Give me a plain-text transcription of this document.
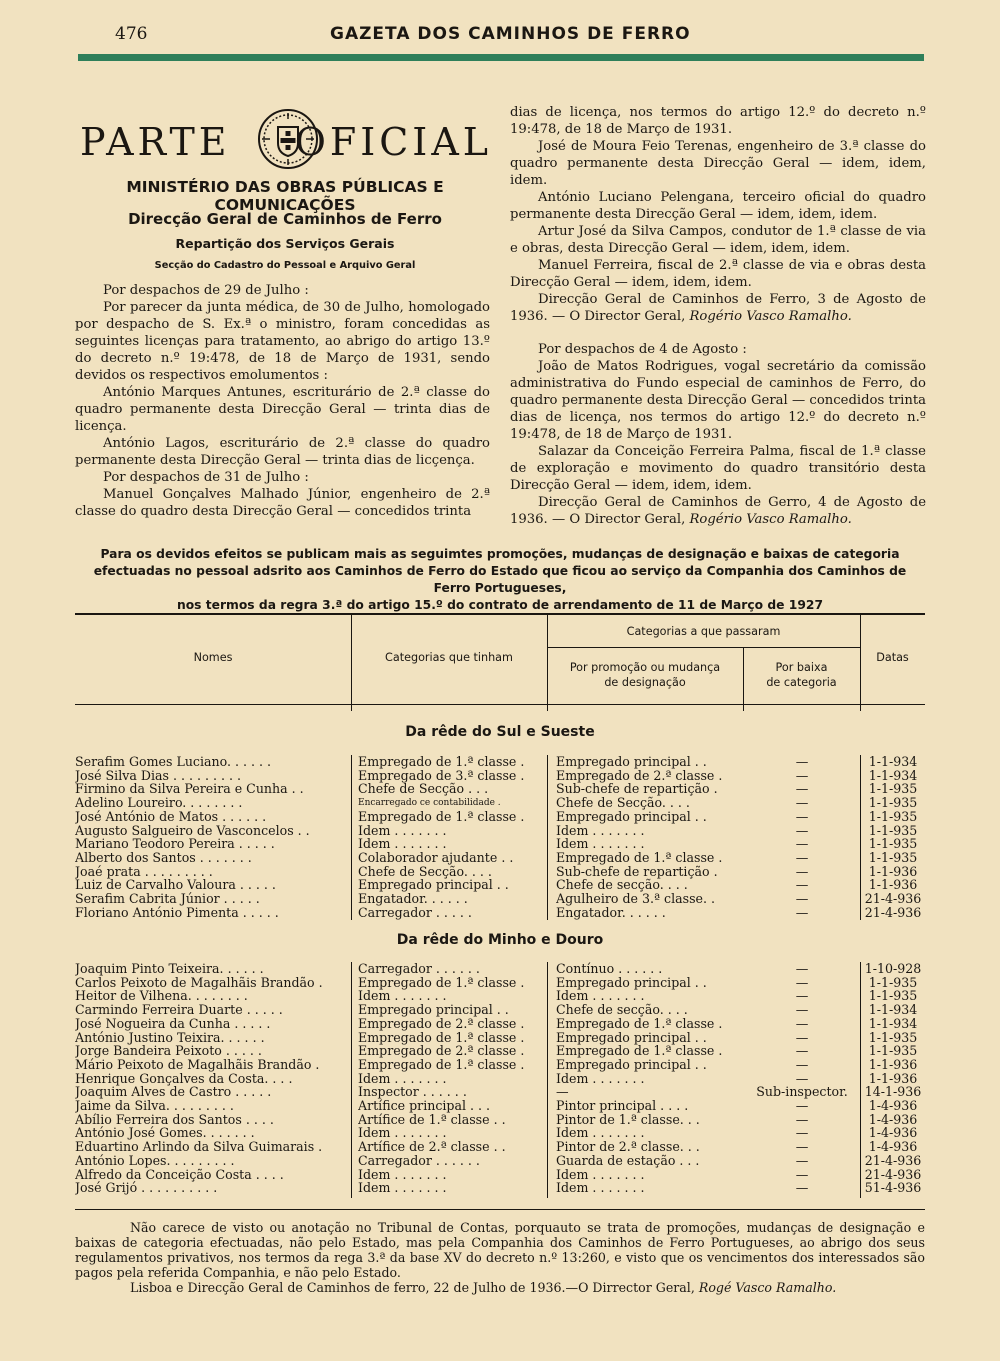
476	GAZETA DOS CAMINHOS DE FERRO
PARTE OFICIAL
MINISTÉRIO DAS OBRAS PÚBLICAS E COMUNICAÇÕES
Direcção Geral de Caminhos de Ferro
Repartição dos Serviços Gerais
Secção do Cadastro do Pessoal e Arquivo Geral

Por despachos de 29 de Julho :

Por parecer da junta médica, de 30 de Julho, homologado por despacho de S. Ex.ª o ministro, foram concedidas as seguintes licenças para tratamento, ao abrigo do artigo 13.º do decreto n.º 19:478, de 18 de Março de 1931, sendo devidos os respectivos emolumentos :

António Marques Antunes, escriturário de 2.ª classe do quadro permanente desta Direcção Geral — trinta dias de licença.

António Lagos, escriturário de 2.ª classe do quadro permanente desta Direcção Geral — trinta dias de licçença.

Por despachos de 31 de Julho :

Manuel Gonçalves Malhado Júnior, engenheiro de 2.ª classe do quadro desta Direcção Geral — concedidos trinta

dias de licença, nos termos do artigo 12.º do decreto n.º 19:478, de 18 de Março de 1931.

José de Moura Feio Terenas, engenheiro de 3.ª classe do quadro permanente desta Direcção Geral — idem, idem, idem.

António Luciano Pelengana, terceiro oficial do quadro permanente desta Direcção Geral — idem, idem, idem.

Artur José da Silva Campos, condutor de 1.ª classe de via e obras, desta Direcção Geral — idem, idem, idem.

Manuel Ferreira, fiscal de 2.ª classe de via e obras desta Direcção Geral — idem, idem, idem.

Direcção Geral de Caminhos de Ferro, 3 de Agosto de 1936. — O Director Geral, Rogério Vasco Ramalho.

Por despachos de 4 de Agosto :

João de Matos Rodrigues, vogal secretário da comissão administrativa do Fundo especial de caminhos de Ferro, do quadro permanente desta Direcção Geral — concedidos trinta dias de licença, nos termos do artigo 12.º do decreto n.º 19:478, de 18 de Março de 1931.

Salazar da Conceição Ferreira Palma, fiscal de 1.ª classe de exploração e movimento do quadro transitório desta Direcção Geral — idem, idem, idem.

Direcção Geral de Caminhos de Gerro, 4 de Agosto de 1936. — O Director Geral, Rogério Vasco Ramalho.

Para os devidos efeitos se publicam mais as seguimtes promoções, mudanças de designação e baixas de categoria
efectuadas no pessoal adsrito aos Caminhos de Ferro do Estado que ficou ao serviço da Companhia dos Caminhos de Ferro Portugueses,
nos termos da regra 3.ª do artigo 15.º do contrato de arrendamento de 11 de Março de 1927
Nomes	Categorias que tinham
Categorias a que passaram
Por promoção ou mudança
de designação
Por baixa
de categoria
Datas
Da rêde do Sul e Sueste
Serafim Gomes Luciano. . . . . .	Empregado de 1.ª classe .	Empregado principal . .	—	1-1-934
José Silva Dias . . . . . . . . .	Empregado de 3.ª classe .	Empregado de 2.ª classe .	—	1-1-934
Firmino da Silva Pereira e Cunha . .	Chefe de Secção . . .	Sub-chefe de repartição .	—	1-1-935
Adelino Loureiro. . . . . . . .	Encarregado ce contabilidade .	Chefe de Secção. . . .	—	1-1-935
José António de Matos . . . . . .	Empregado de 1.ª classe .	Empregado principal . .	—	1-1-935
Augusto Salgueiro de Vasconcelos . .	Idem . . . . . . .	Idem . . . . . . .	—	1-1-935
Mariano Teodoro Pereira . . . . .	Idem . . . . . . .	Idem . . . . . . .	—	1-1-935
Alberto dos Santos . . . . . . .	Colaborador ajudante . .	Empregado de 1.ª classe .	—	1-1-935
Joaé prata . . . . . . . . .	Chefe de Secção. . . .	Sub-chefe de repartição .	—	1-1-936
Luiz de Carvalho Valoura . . . . .	Empregado principal . .	Chefe de secção. . . .	—	1-1-936
Serafim Cabrita Júnior . . . . .	Engatador. . . . . .	Agulheiro de 3.ª classe. .	—	21-4-936
Floriano António Pimenta . . . . .	Carregador . . . . .	Engatador. . . . . .	—	21-4-936
Da rêde do Minho e Douro
Joaquim Pinto Teixeira. . . . . .	Carregador . . . . . .	Contínuo . . . . . .	—	1-10-928
Carlos Peixoto de Magalhãis Brandão .	Empregado de 1.ª classe .	Empregado principal . .	—	1-1-935
Heitor de Vilhena. . . . . . . .	Idem . . . . . . .	Idem . . . . . . .	—	1-1-935
Carmindo Ferreira Duarte . . . . .	Empregado principal . .	Chefe de secção. . . .	—	1-1-934
José Nogueira da Cunha . . . . .	Empregado de 2.ª classe .	Empregado de 1.ª classe .	—	1-1-934
António Justino Teixira. . . . . .	Empregado de 1.ª classe .	Empregado principal . .	—	1-1-935
Jorge Bandeira Peixoto . . . . .	Empregado de 2.ª classe .	Empregado de 1.ª classe .	—	1-1-935
Mário Peixoto de Magalhãis Brandão .	Empregado de 1.ª classe .	Empregado principal . .	—	1-1-936
Henrique Gonçalves da Costa. . . .	Idem . . . . . . .	Idem . . . . . . .	—	1-1-936
Joaquim Alves de Castro . . . . .	Inspector . . . . . .	—	Sub-inspector.	14-1-936
Jaime da Silva. . . . . . . . .	Artífice principal . . .	Pintor principal . . . .	—	1-4-936
Abílio Ferreira dos Santos . . . .	Artífice de 1.ª classe . .	Pintor de 1.ª classe. . .	—	1-4-936
António José Gomes. . . . . . .	Idem . . . . . . .	Idem . . . . . . .	—	1-4-936
Eduartino Arlindo da Silva Guimarais .	Artífice de 2.ª classe . .	Pintor de 2.ª classe. . .	—	1-4-936
António Lopes. . . . . . . . .	Carregador . . . . . .	Guarda de estação . . .	—	21-4-936
Alfredo da Conceição Costa . . . .	Idem . . . . . . .	Idem . . . . . . .	—	21-4-936
José Grijó . . . . . . . . . .	Idem . . . . . . .	Idem . . . . . . .	—	51-4-936

Não carece de visto ou anotação no Tribunal de Contas, porquauto se trata de promoções, mudanças de designação e baixas de categoria efectuadas, não pelo Estado, mas pela Companhia dos Caminhos de Ferro Portugueses, ao abrigo dos seus regulamentos privativos, nos termos da rega 3.ª da base XV do decreto n.º 13:260, e visto que os vencimentos dos interessados são pagos pela referida Companhia, e não pelo Estado.

Lisboa e Direcção Geral de Caminhos de ferro, 22 de Julho de 1936.—O Dirrector Geral, Rogé Vasco Ramalho.
